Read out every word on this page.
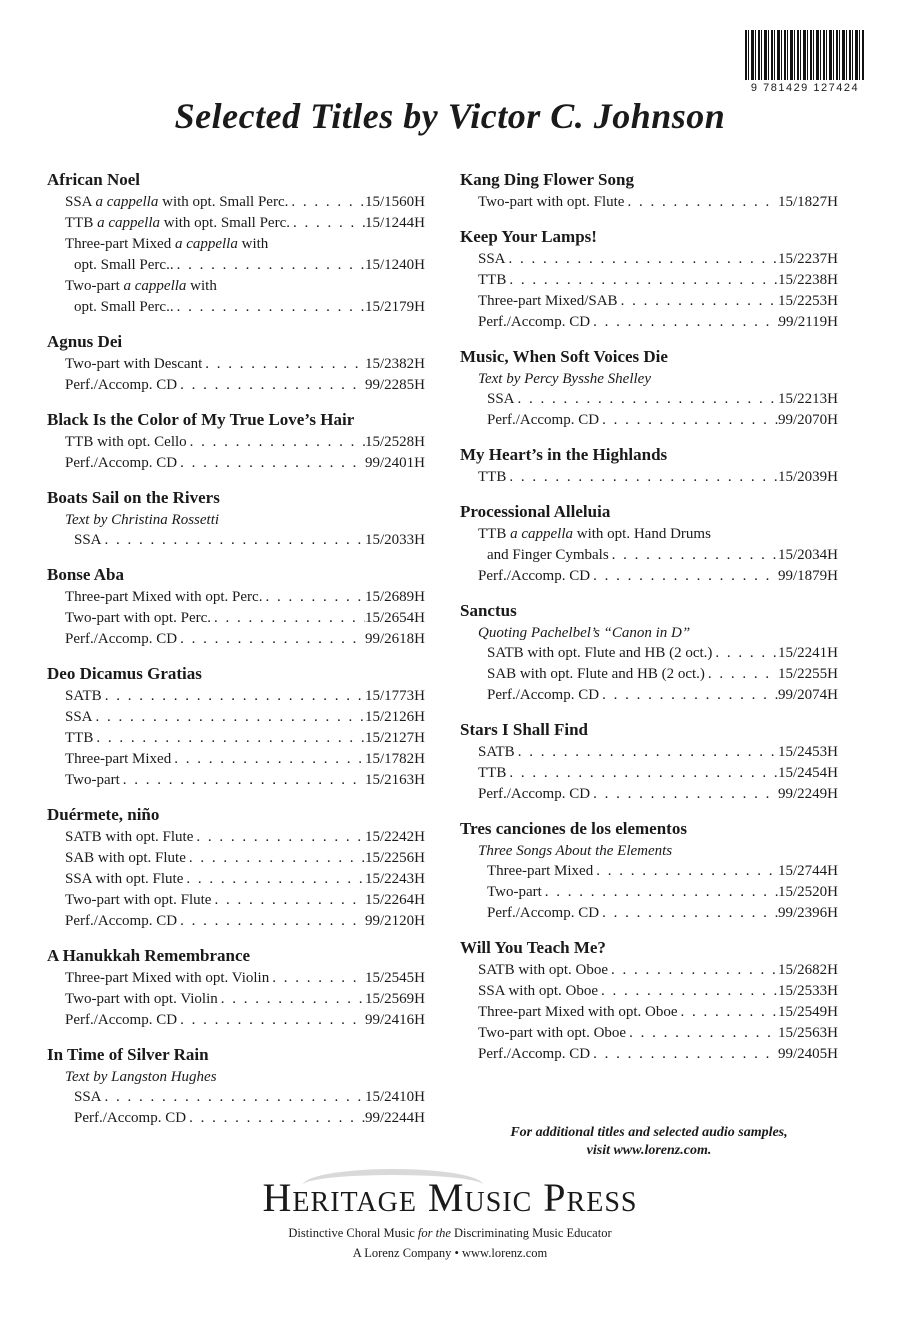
9 781429 127424
Selected Titles by Victor C. Johnson
African Noel
SSA a cappella with opt. Small Perc. . . .	15/1560H
TTB a cappella with opt. Small Perc. . . .	15/1244H
Three-part Mixed a cappella with
opt. Small Perc.. . . .	15/1240H
Two-part a cappella with
opt. Small Perc.. . . .	15/2179H
Agnus Dei
Two-part with Descant . . .	15/2382H
Perf./Accomp. CD . . .	99/2285H
Black Is the Color of My True Love’s Hair
TTB with opt. Cello . . .	15/2528H
Perf./Accomp. CD . . .	99/2401H
Boats Sail on the Rivers
Text by Christina Rossetti
SSA . . .	15/2033H
Bonse Aba
Three-part Mixed with opt. Perc. . . .	15/2689H
Two-part with opt. Perc. . . .	15/2654H
Perf./Accomp. CD . . .	99/2618H
Deo Dicamus Gratias
SATB . . .	15/1773H
SSA . . .	15/2126H
TTB . . .	15/2127H
Three-part Mixed . . .	15/1782H
Two-part . . .	15/2163H
Duérmete, niño
SATB with opt. Flute . . .	15/2242H
SAB with opt. Flute . . .	15/2256H
SSA with opt. Flute . . .	15/2243H
Two-part with opt. Flute . . .	15/2264H
Perf./Accomp. CD . . .	99/2120H
A Hanukkah Remembrance
Three-part Mixed with opt. Violin . . .	15/2545H
Two-part with opt. Violin . . .	15/2569H
Perf./Accomp. CD . . .	99/2416H
In Time of Silver Rain
Text by Langston Hughes
SSA . . .	15/2410H
Perf./Accomp. CD . . .	99/2244H
Kang Ding Flower Song
Two-part with opt. Flute . . .	15/1827H
Keep Your Lamps!
SSA . . .	15/2237H
TTB . . .	15/2238H
Three-part Mixed/SAB . . .	15/2253H
Perf./Accomp. CD . . .	99/2119H
Music, When Soft Voices Die
Text by Percy Bysshe Shelley
SSA . . .	15/2213H
Perf./Accomp. CD . . .	99/2070H
My Heart’s in the Highlands
TTB . . .	15/2039H
Processional Alleluia
TTB a cappella with opt. Hand Drums
and Finger Cymbals . . .	15/2034H
Perf./Accomp. CD . . .	99/1879H
Sanctus
Quoting Pachelbel’s “Canon in D”
SATB with opt. Flute and HB (2 oct.) . . .	15/2241H
SAB with opt. Flute and HB (2 oct.) . . .	15/2255H
Perf./Accomp. CD . . .	99/2074H
Stars I Shall Find
SATB . . .	15/2453H
TTB . . .	15/2454H
Perf./Accomp. CD . . .	99/2249H
Tres canciones de los elementos
Three Songs About the Elements
Three-part Mixed . . .	15/2744H
Two-part . . .	15/2520H
Perf./Accomp. CD . . .	99/2396H
Will You Teach Me?
SATB with opt. Oboe . . .	15/2682H
SSA with opt. Oboe . . .	15/2533H
Three-part Mixed with opt. Oboe . . .	15/2549H
Two-part with opt. Oboe . . .	15/2563H
Perf./Accomp. CD . . .	99/2405H
For additional titles and selected audio samples,
visit www.lorenz.com.
Heritage Music Press
Distinctive Choral Music for the Discriminating Music Educator
A Lorenz Company • www.lorenz.com
